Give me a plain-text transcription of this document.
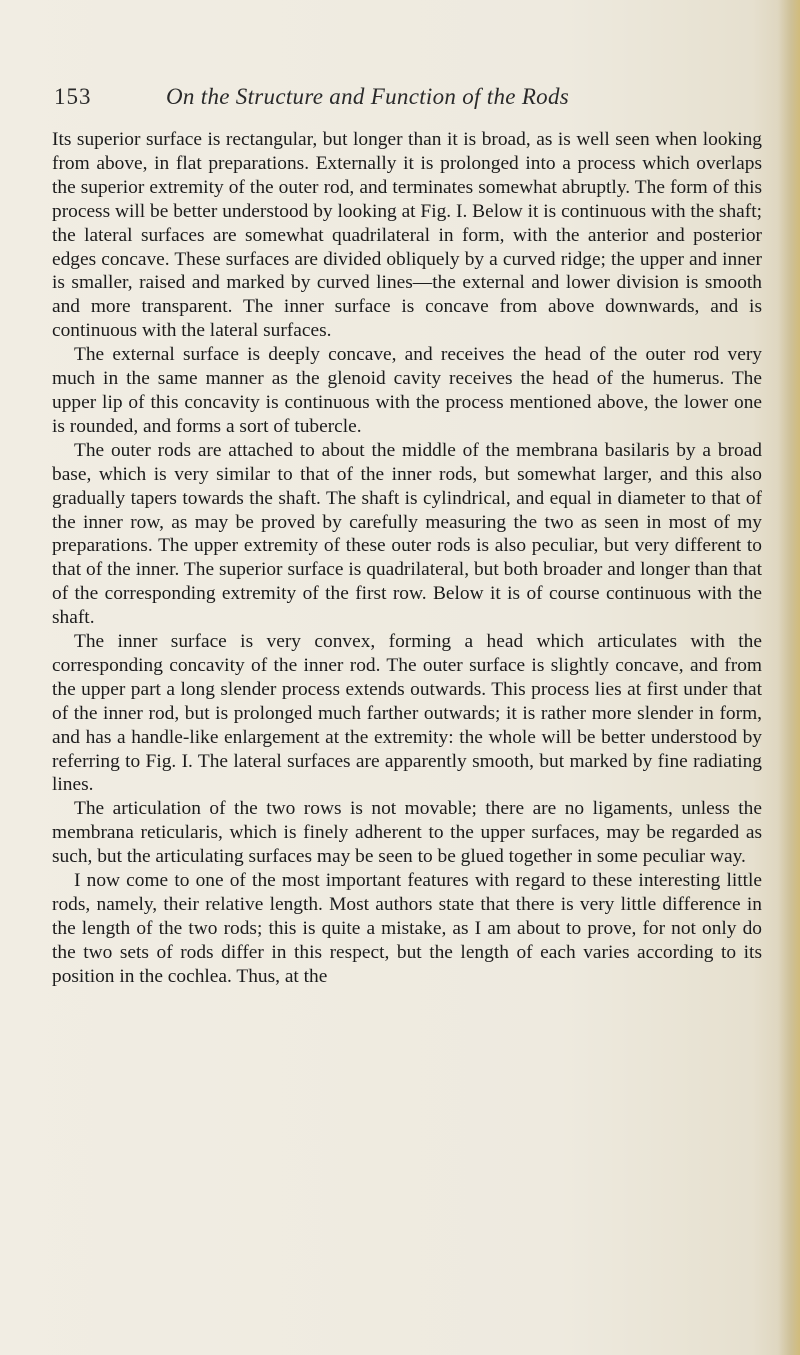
153	On the Structure and Function of the Rods

Its superior surface is rectangular, but longer than it is broad, as is well seen when looking from above, in flat preparations. Externally it is prolonged into a process which overlaps the superior extremity of the outer rod, and terminates somewhat abruptly. The form of this process will be better understood by looking at Fig. I. Below it is continuous with the shaft; the lateral surfaces are somewhat quadrilateral in form, with the anterior and posterior edges concave. These surfaces are divided obliquely by a curved ridge; the upper and inner is smaller, raised and marked by curved lines—the external and lower division is smooth and more transparent. The inner surface is concave from above downwards, and is continuous with the lateral surfaces.

The external surface is deeply concave, and receives the head of the outer rod very much in the same manner as the glenoid cavity receives the head of the humerus. The upper lip of this concavity is continuous with the process mentioned above, the lower one is rounded, and forms a sort of tubercle.

The outer rods are attached to about the middle of the membrana basilaris by a broad base, which is very similar to that of the inner rods, but somewhat larger, and this also gradually tapers towards the shaft. The shaft is cylindrical, and equal in diameter to that of the inner row, as may be proved by carefully measuring the two as seen in most of my preparations. The upper extremity of these outer rods is also peculiar, but very different to that of the inner. The superior surface is quadrilateral, but both broader and longer than that of the corresponding extremity of the first row. Below it is of course continuous with the shaft.

The inner surface is very convex, forming a head which articulates with the corresponding concavity of the inner rod. The outer surface is slightly concave, and from the upper part a long slender process extends outwards. This process lies at first under that of the inner rod, but is prolonged much farther outwards; it is rather more slender in form, and has a handle-like enlargement at the extremity: the whole will be better understood by referring to Fig. I. The lateral surfaces are apparently smooth, but marked by fine radiating lines.

The articulation of the two rows is not movable; there are no ligaments, unless the membrana reticularis, which is finely adherent to the upper surfaces, may be regarded as such, but the articulating surfaces may be seen to be glued together in some peculiar way.

I now come to one of the most important features with regard to these interesting little rods, namely, their relative length. Most authors state that there is very little difference in the length of the two rods; this is quite a mistake, as I am about to prove, for not only do the two sets of rods differ in this respect, but the length of each varies according to its position in the cochlea. Thus, at the
